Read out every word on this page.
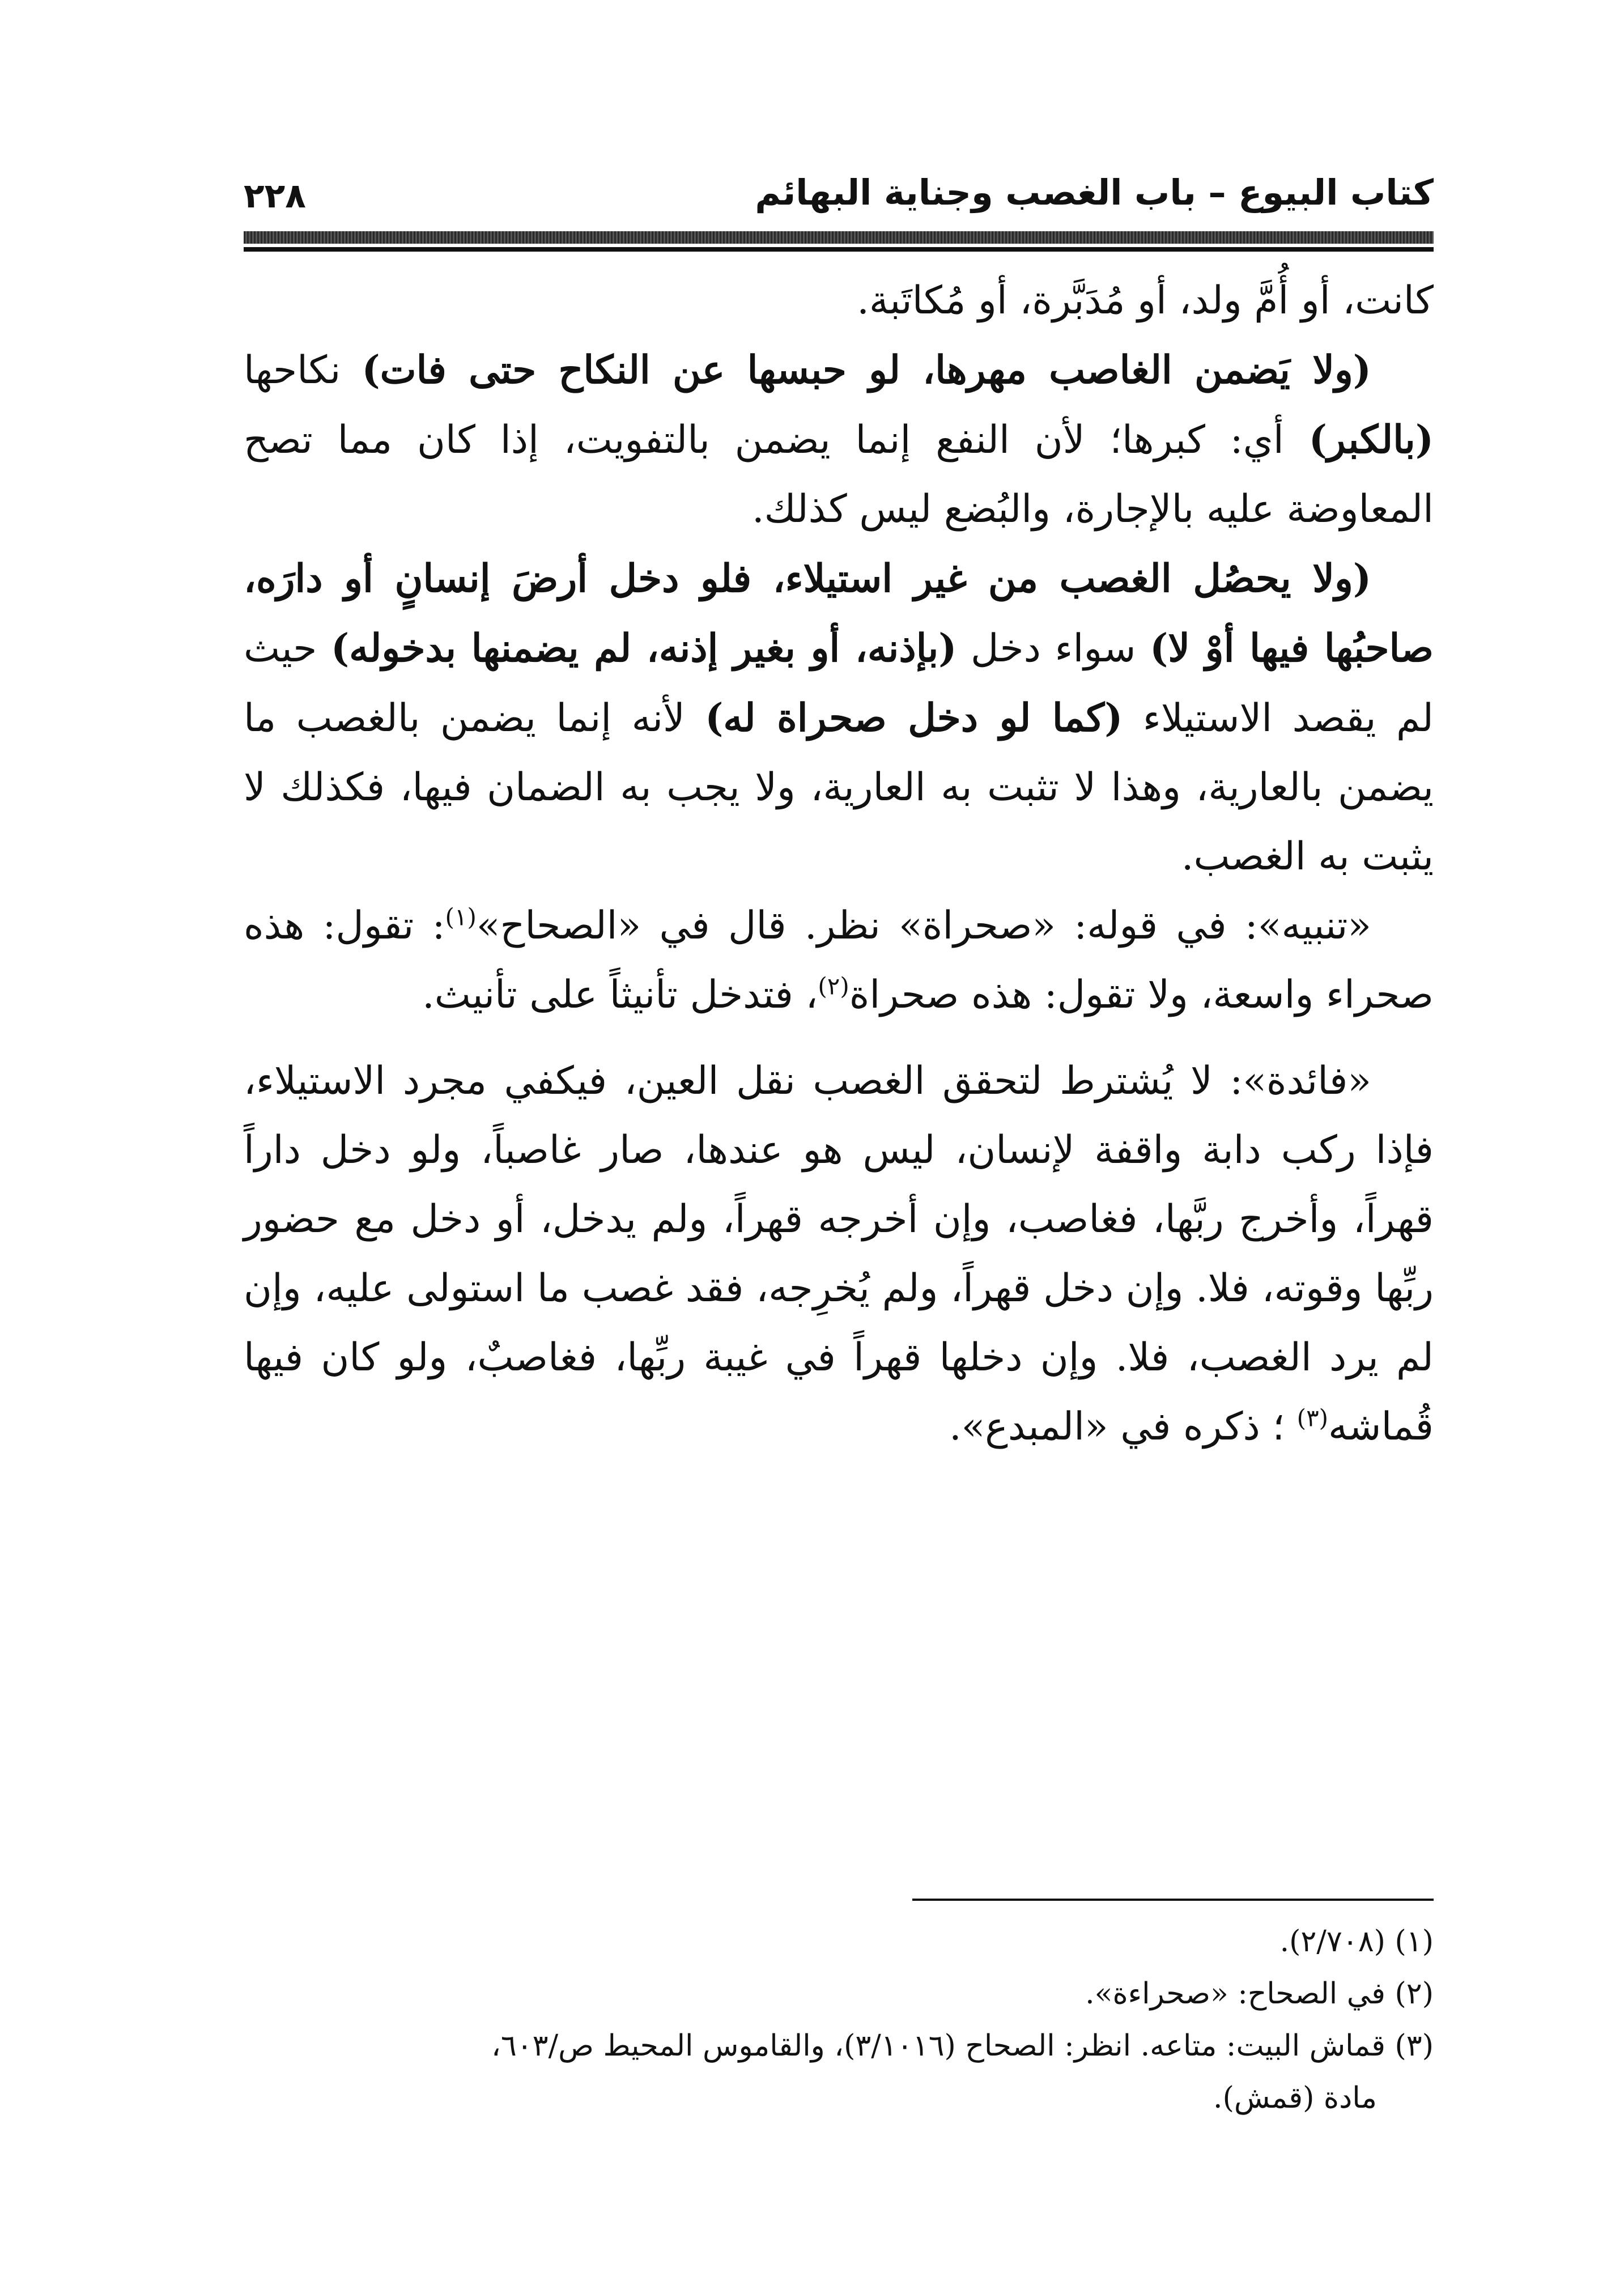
كتاب البيوع – باب الغصب وجناية البهائم
٢٢٨

كانت، أو أُمَّ ولد، أو مُدَبَّرة، أو مُكاتَبة.

(ولا يَضمن الغاصب مهرها، لو حبسها عن النكاح حتى فات) نكاحها (بالكبر) أي: كبرها؛ لأن النفع إنما يضمن بالتفويت، إذا كان مما تصح المعاوضة عليه بالإجارة، والبُضع ليس كذلك.

(ولا يحصُل الغصب من غير استيلاء، فلو دخل أرضَ إنسانٍ أو دارَه، صاحبُها فيها أوْ لا) سواء دخل (بإذنه، أو بغير إذنه، لم يضمنها بدخوله) حيث لم يقصد الاستيلاء (كما لو دخل صحراة له) لأنه إنما يضمن بالغصب ما يضمن بالعارية، وهذا لا تثبت به العارية، ولا يجب به الضمان فيها، فكذلك لا يثبت به الغصب.

«تنبيه»: في قوله: «صحراة» نظر. قال في «الصحاح»$^{(١)}$: تقول: هذه صحراء واسعة، ولا تقول: هذه صحراة$^{(٢)}$، فتدخل تأنيثاً على تأنيث.

«فائدة»: لا يُشترط لتحقق الغصب نقل العين، فيكفي مجرد الاستيلاء، فإذا ركب دابة واقفة لإنسان، ليس هو عندها، صار غاصباً، ولو دخل داراً قهراً، وأخرج ربَّها، فغاصب، وإن أخرجه قهراً، ولم يدخل، أو دخل مع حضور ربِّها وقوته، فلا. وإن دخل قهراً، ولم يُخرِجه، فقد غصب ما استولى عليه، وإن لم يرد الغصب، فلا. وإن دخلها قهراً في غيبة ربِّها، فغاصبٌ، ولو كان فيها قُماشه$^{(٣)}$ ؛ ذكره في «المبدع».

(١) (٢/٧٠٨).

(٢) في الصحاح: «صحراءة».

(٣) قماش البيت: متاعه. انظر: الصحاح (٣/١٠١٦)، والقاموس المحيط ص/٦٠٣،

مادة (قمش).
